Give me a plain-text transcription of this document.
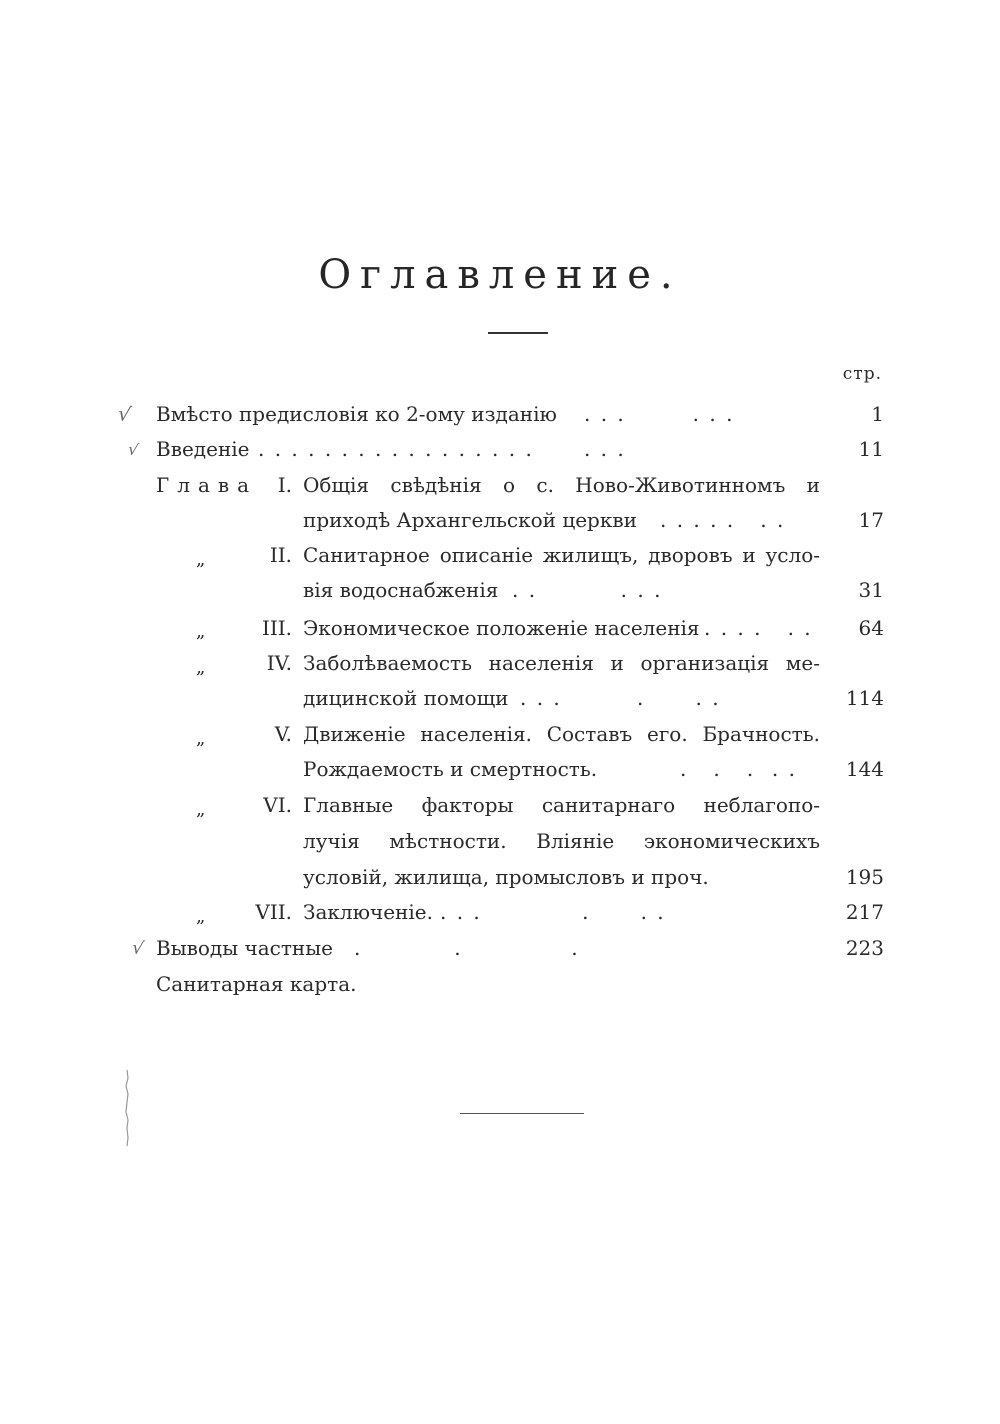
Оглавление.
стр.
√ Вмѣсто предисловія ко 2-ому изданію . . .        . . .	1
√ Введеніе . . . . . . . . . . . . . . . . .      . . .	11
Глава	I. Общія свѣдѣнія о с. Ново-Животинномъ и
приходѣ Архангельской церкви . . . . .   . .	17
„	II. Санитарное описаніе жилищъ, дворовъ и усло-
вія водоснабженія . .          . . .	31
„	III. Экономическое положеніе населенія . . . .   . . 64
„	IV. Заболѣваемость населенія и организація ме-
дицинской помощи . . .         .      . .	114
„	V. Движеніе населенія. Составъ его. Брачность.
Рождаемость и смертность.	.   .   .  . . 144
„	VI. Главные факторы санитарнаго неблагопо-
лучія мѣстности. Вліяніе экономическихъ
условій, жилища, промысловъ и проч.	195
„	VII. Заключеніе. . . .            .      . .	217
√ Выводы частные .           .             .	223
Санитарная карта.
